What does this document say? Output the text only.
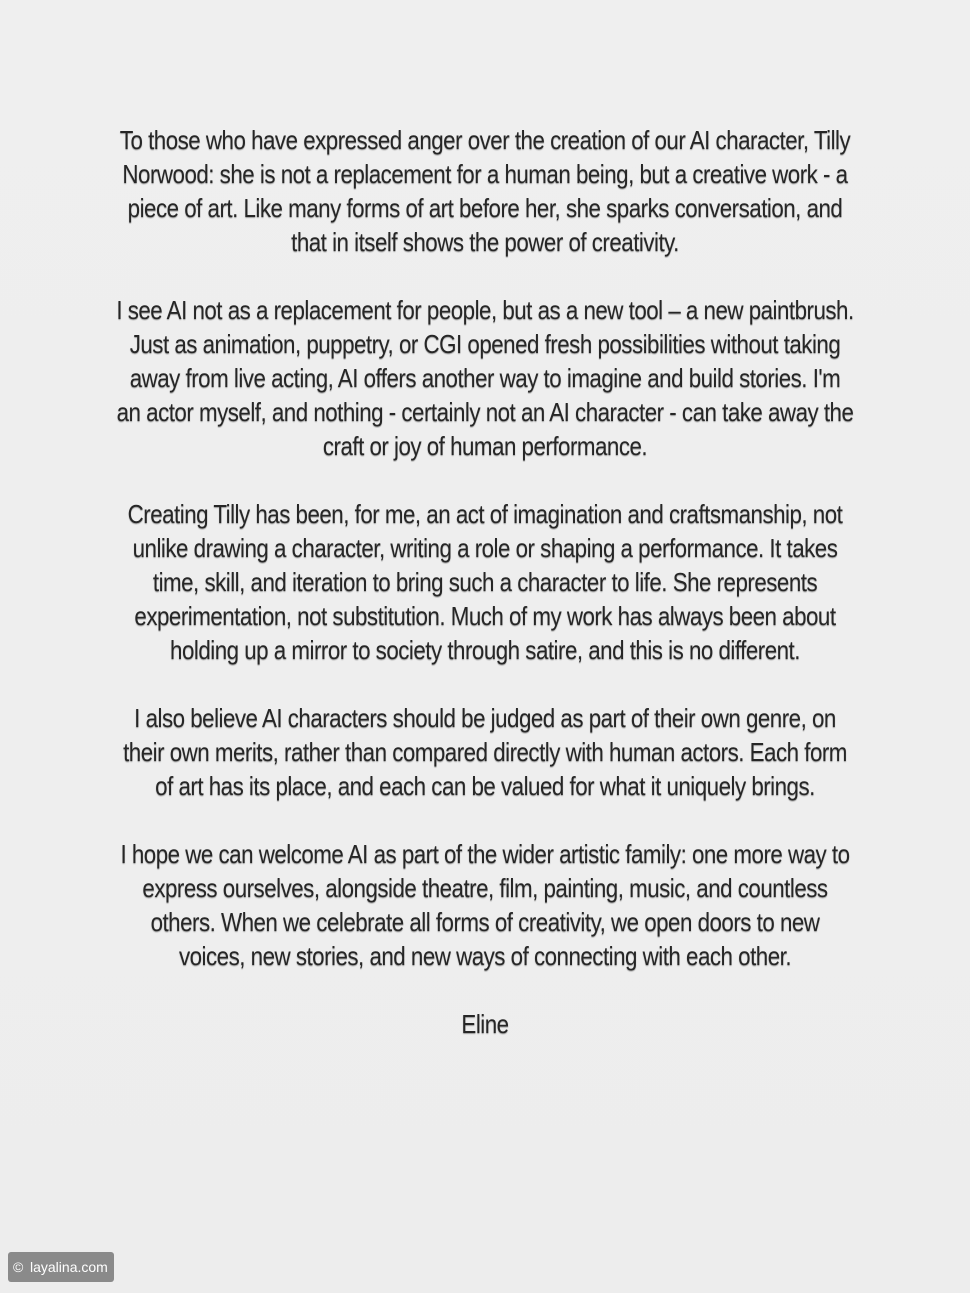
To those who have expressed anger over the creation of our AI character, Tilly Norwood: she is not a replacement for a human being, but a creative work - a piece of art. Like many forms of art before her, she sparks conversation, and that in itself shows the power of creativity.

I see AI not as a replacement for people, but as a new tool – a new paintbrush. Just as animation, puppetry, or CGI opened fresh possibilities without taking away from live acting, AI offers another way to imagine and build stories. I'm an actor myself, and nothing - certainly not an AI character - can take away the craft or joy of human performance.

Creating Tilly has been, for me, an act of imagination and craftsmanship, not unlike drawing a character, writing a role or shaping a performance. It takes time, skill, and iteration to bring such a character to life. She represents experimentation, not substitution. Much of my work has always been about holding up a mirror to society through satire, and this is no different.

I also believe AI characters should be judged as part of their own genre, on their own merits, rather than compared directly with human actors. Each form of art has its place, and each can be valued for what it uniquely brings.

I hope we can welcome AI as part of the wider artistic family: one more way to express ourselves, alongside theatre, film, painting, music, and countless others. When we celebrate all forms of creativity, we open doors to new voices, new stories, and new ways of connecting with each other.

Eline

© layalina.com
